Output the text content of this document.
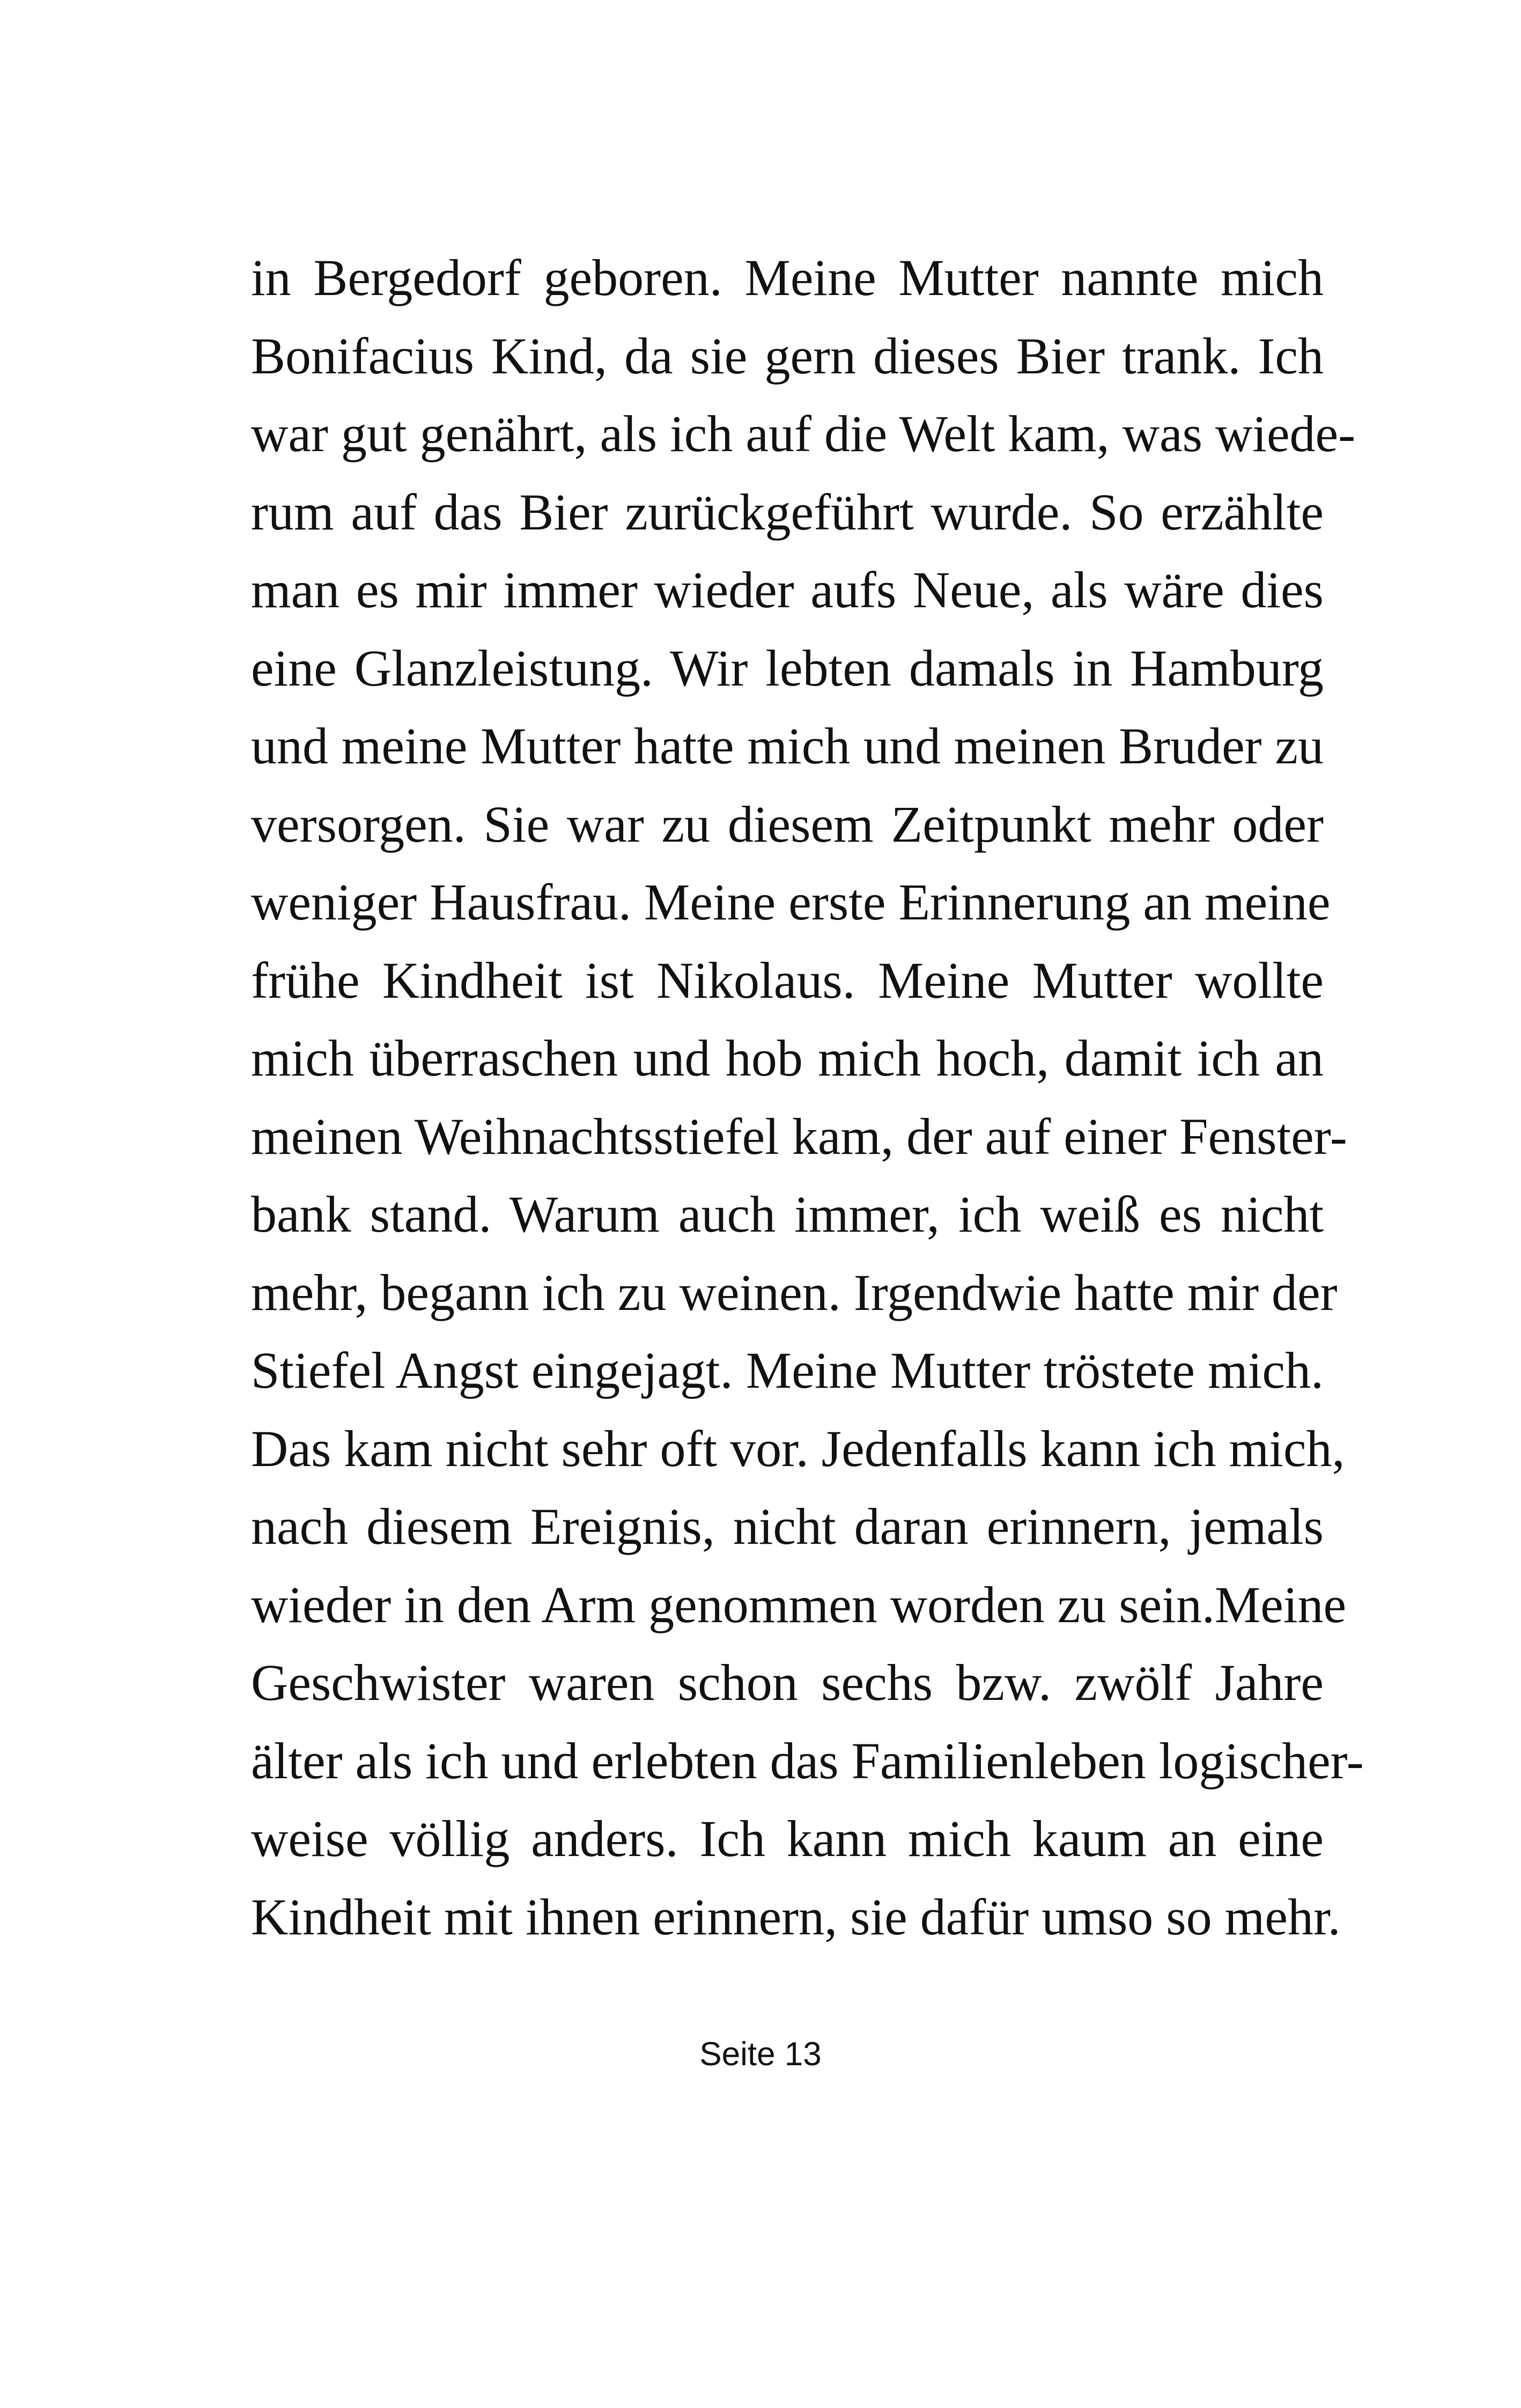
in Bergedorf geboren. Meine Mutter nannte mich
Bonifacius Kind, da sie gern dieses Bier trank. Ich
war gut genährt, als ich auf die Welt kam, was wiede-
rum auf das Bier zurückgeführt wurde. So erzählte
man es mir immer wieder aufs Neue, als wäre dies
eine Glanzleistung. Wir lebten damals in Hamburg
und meine Mutter hatte mich und meinen Bruder zu
versorgen. Sie war zu diesem Zeitpunkt mehr oder
weniger Hausfrau. Meine erste Erinnerung an meine
frühe Kindheit ist Nikolaus. Meine Mutter wollte
mich überraschen und hob mich hoch, damit ich an
meinen Weihnachtsstiefel kam, der auf einer Fenster-
bank stand. Warum auch immer, ich weiß es nicht
mehr, begann ich zu weinen. Irgendwie hatte mir der
Stiefel Angst eingejagt. Meine Mutter tröstete mich.
Das kam nicht sehr oft vor. Jedenfalls kann ich mich,
nach diesem Ereignis, nicht daran erinnern, jemals
wieder in den Arm genommen worden zu sein.Meine
Geschwister waren schon sechs bzw. zwölf Jahre
älter als ich und erlebten das Familienleben logischer-
weise völlig anders. Ich kann mich kaum an eine
Kindheit mit ihnen erinnern, sie dafür umso so mehr.
Seite 13
